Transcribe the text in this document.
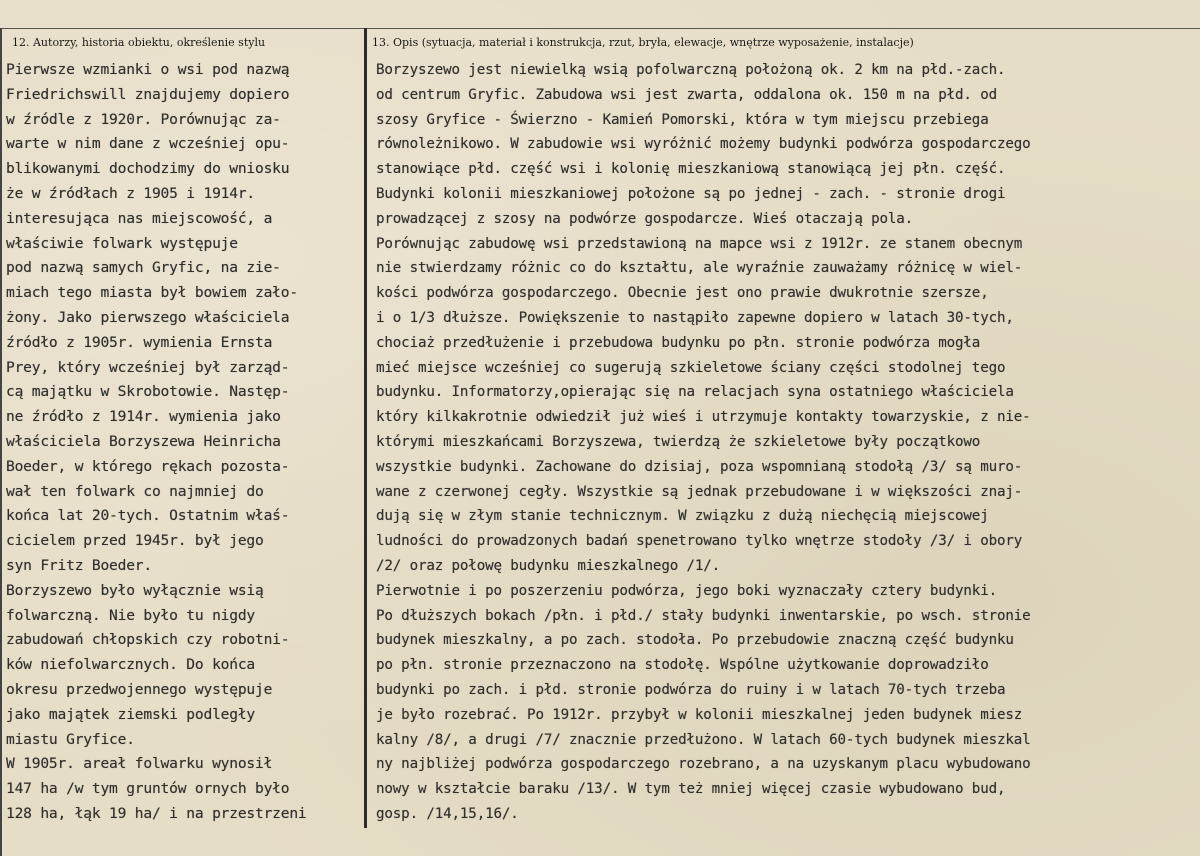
12. Autorzy, historia obiektu, określenie stylu	13. Opis (sytuacja, materiał i konstrukcja, rzut, bryła, elewacje, wnętrze wyposażenie, instalacje)
Pierwsze wzmianki o wsi pod nazwą
Friedrichswill znajdujemy dopiero
w źródle z 1920r. Porównując za-
warte w nim dane z wcześniej opu-
blikowanymi dochodzimy do wniosku
że w źródłach z 1905 i 1914r.
interesująca nas miejscowość, a
właściwie folwark występuje
pod nazwą samych Gryfic, na zie-
miach tego miasta był bowiem zało-
żony. Jako pierwszego właściciela
źródło z 1905r. wymienia Ernsta
Prey, który wcześniej był zarząd-
cą majątku w Skrobotowie. Następ-
ne źródło z 1914r. wymienia jako
właściciela Borzyszewa Heinricha
Boeder, w którego rękach pozosta-
wał ten folwark co najmniej do
końca lat 20-tych. Ostatnim właś-
cicielem przed 1945r. był jego
syn Fritz Boeder.
Borzyszewo było wyłącznie wsią
folwarczną. Nie było tu nigdy
zabudowań chłopskich czy robotni-
ków niefolwarcznych. Do końca
okresu przedwojennego występuje
jako majątek ziemski podległy
miastu Gryfice.
W 1905r. areał folwarku wynosił
147 ha /w tym gruntów ornych było
128 ha, łąk 19 ha/ i na przestrzeni
Borzyszewo jest niewielką wsią pofolwarczną położoną ok. 2 km na płd.-zach.
od centrum Gryfic. Zabudowa wsi jest zwarta, oddalona ok. 150 m na płd. od
szosy Gryfice - Świerzno - Kamień Pomorski, która w tym miejscu przebiega
równoleżnikowo. W zabudowie wsi wyróżnić możemy budynki podwórza gospodarczego
stanowiące płd. część wsi i kolonię mieszkaniową stanowiącą jej płn. część.
Budynki kolonii mieszkaniowej położone są po jednej - zach. - stronie drogi
prowadzącej z szosy na podwórze gospodarcze. Wieś otaczają pola.
Porównując zabudowę wsi przedstawioną na mapce wsi z 1912r. ze stanem obecnym
nie stwierdzamy różnic co do kształtu, ale wyraźnie zauważamy różnicę w wiel-
kości podwórza gospodarczego. Obecnie jest ono prawie dwukrotnie szersze,
i o 1/3 dłuższe. Powiększenie to nastąpiło zapewne dopiero w latach 30-tych,
chociaż przedłużenie i przebudowa budynku po płn. stronie podwórza mogła
mieć miejsce wcześniej co sugerują szkieletowe ściany części stodolnej tego
budynku. Informatorzy,opierając się na relacjach syna ostatniego właściciela
który kilkakrotnie odwiedził już wieś i utrzymuje kontakty towarzyskie, z nie-
którymi mieszkańcami Borzyszewa, twierdzą że szkieletowe były początkowo
wszystkie budynki. Zachowane do dzisiaj, poza wspomnianą stodołą /3/ są muro-
wane z czerwonej cegły. Wszystkie są jednak przebudowane i w większości znaj-
dują się w złym stanie technicznym. W związku z dużą niechęcią miejscowej
ludności do prowadzonych badań spenetrowano tylko wnętrze stodoły /3/ i obory
/2/ oraz połowę budynku mieszkalnego /1/.
Pierwotnie i po poszerzeniu podwórza, jego boki wyznaczały cztery budynki.
Po dłuższych bokach /płn. i płd./ stały budynki inwentarskie, po wsch. stronie
budynek mieszkalny, a po zach. stodoła. Po przebudowie znaczną część budynku
po płn. stronie przeznaczono na stodołę. Wspólne użytkowanie doprowadziło
budynki po zach. i płd. stronie podwórza do ruiny i w latach 70-tych trzeba
je było rozebrać. Po 1912r. przybył w kolonii mieszkalnej jeden budynek miesz
kalny /8/, a drugi /7/ znacznie przedłużono. W latach 60-tych budynek mieszkal
ny najbliżej podwórza gospodarczego rozebrano, a na uzyskanym placu wybudowano
nowy w kształcie baraku /13/. W tym też mniej więcej czasie wybudowano bud,
gosp. /14,15,16/.
